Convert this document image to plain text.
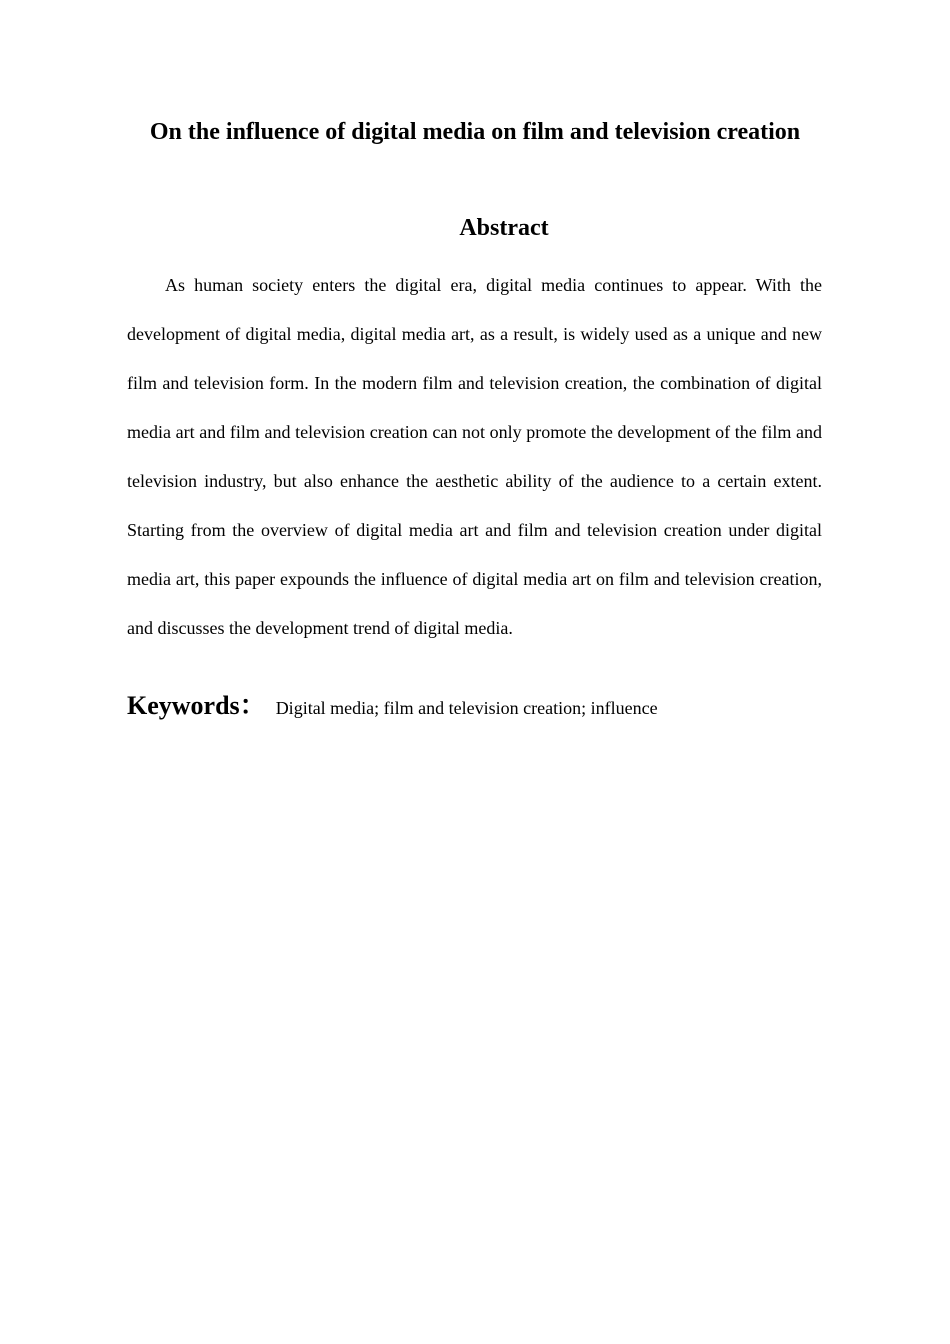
On the influence of digital media on film and television creation
Abstract

As human society enters the digital era, digital media continues to appear. With the development of digital media, digital media art, as a result, is widely used as a unique and new film and television form. In the modern film and television creation, the combination of digital media art and film and television creation can not only promote the development of the film and television industry, but also enhance the aesthetic ability of the audience to a certain extent. Starting from the overview of digital media art and film and television creation under digital media art, this paper expounds the influence of digital media art on film and television creation, and discusses the development trend of digital media.

Keywords： Digital media; film and television creation; influence
